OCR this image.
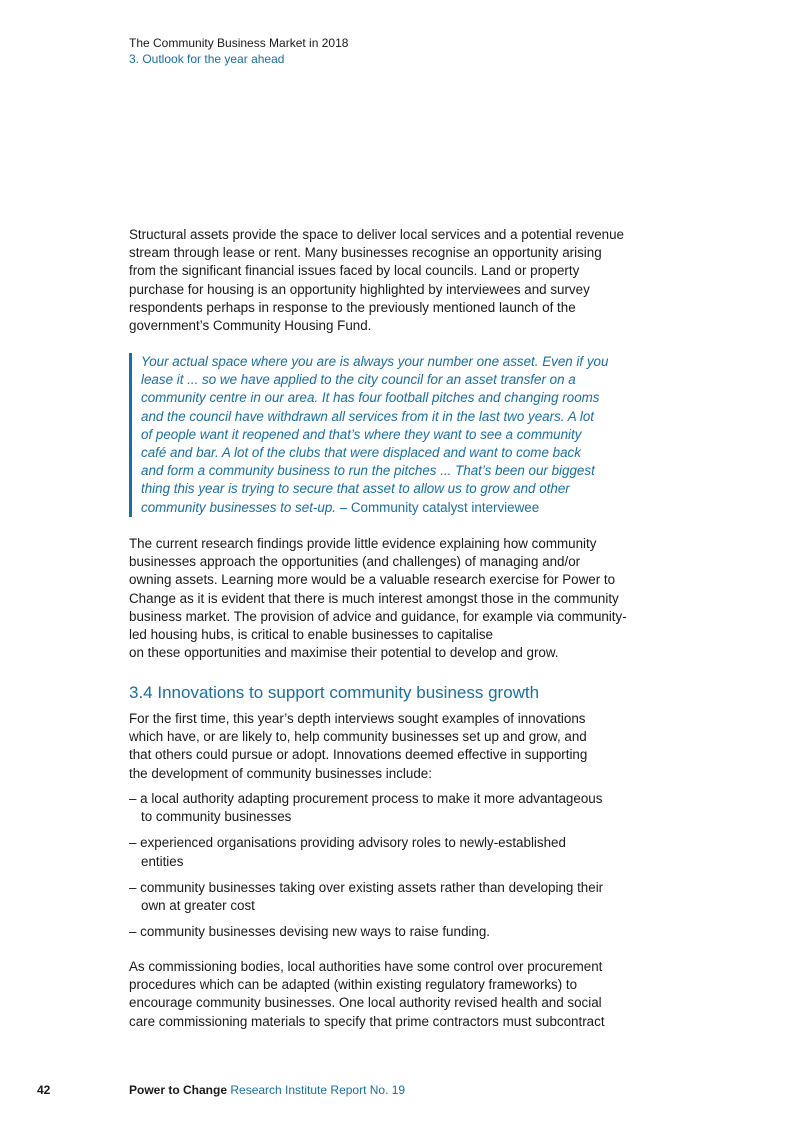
The Community Business Market in 2018
3. Outlook for the year ahead
Structural assets provide the space to deliver local services and a potential revenue
stream through lease or rent. Many businesses recognise an opportunity arising
from the significant financial issues faced by local councils. Land or property
purchase for housing is an opportunity highlighted by interviewees and survey
respondents perhaps in response to the previously mentioned launch of the
government’s Community Housing Fund.
Your actual space where you are is always your number one asset. Even if you
lease it ... so we have applied to the city council for an asset transfer on a
community centre in our area. It has four football pitches and changing rooms
and the council have withdrawn all services from it in the last two years. A lot
of people want it reopened and that’s where they want to see a community
café and bar. A lot of the clubs that were displaced and want to come back
and form a community business to run the pitches ... That’s been our biggest
thing this year is trying to secure that asset to allow us to grow and other
community businesses to set-up. – Community catalyst interviewee
The current research findings provide little evidence explaining how community
businesses approach the opportunities (and challenges) of managing and/or
owning assets. Learning more would be a valuable research exercise for Power to
Change as it is evident that there is much interest amongst those in the community
business market. The provision of advice and guidance, for example via community-
led housing hubs, is critical to enable businesses to capitalise
on these opportunities and maximise their potential to develop and grow.
3.4 Innovations to support community business growth
For the first time, this year’s depth interviews sought examples of innovations
which have, or are likely to, help community businesses set up and grow, and
that others could pursue or adopt. Innovations deemed effective in supporting
the development of community businesses include:
– a local authority adapting procurement process to make it more advantageous
to community businesses
– experienced organisations providing advisory roles to newly-established
entities
– community businesses taking over existing assets rather than developing their
own at greater cost
– community businesses devising new ways to raise funding.
As commissioning bodies, local authorities have some control over procurement
procedures which can be adapted (within existing regulatory frameworks) to
encourage community businesses. One local authority revised health and social
care commissioning materials to specify that prime contractors must subcontract
42	Power to Change Research Institute Report No. 19
